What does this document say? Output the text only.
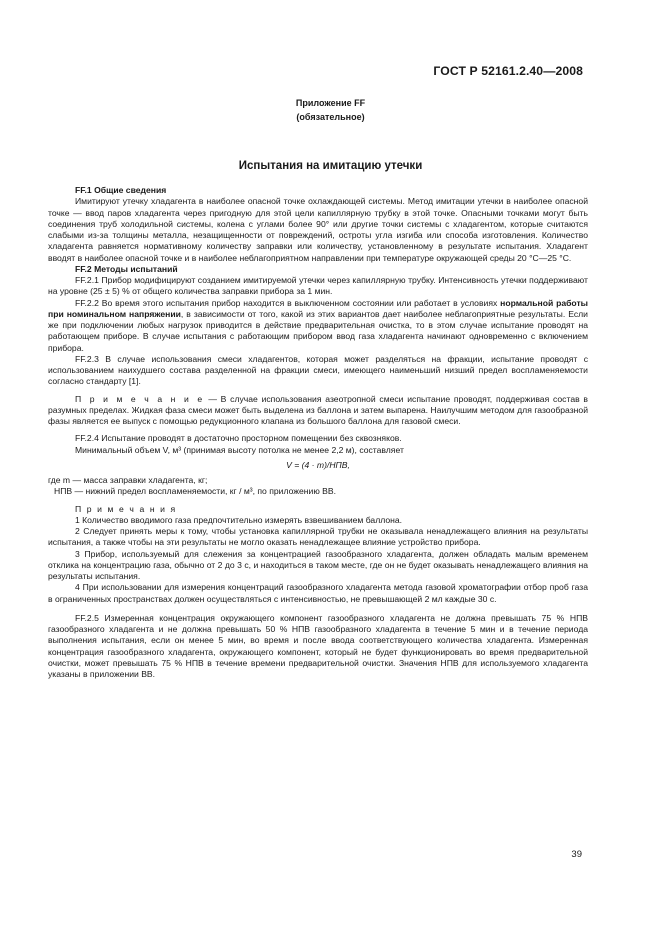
ГОСТ Р 52161.2.40—2008
Приложение FF
(обязательное)
Испытания на имитацию утечки

FF.1 Общие сведения

Имитируют утечку хладагента в наиболее опасной точке охлаждающей системы. Метод имитации утечки в наиболее опасной точке — ввод паров хладагента через пригодную для этой цели капиллярную трубку в этой точке. Опасными точками могут быть соединения труб холодильной системы, колена с углами более 90° или другие точки системы с хладагентом, которые считаются слабыми из-за толщины металла, незащищенности от повреждений, остроты угла изгиба или способа изготовления. Количество хладагента равняется нормативному количеству заправки или количеству, установленному в результате испытания. Хладагент вводят в наиболее опасной точке и в наиболее неблагоприятном направлении при температуре окружающей среды 20 °С—25 °С.

FF.2 Методы испытаний

FF.2.1 Прибор модифицируют созданием имитируемой утечки через капиллярную трубку. Интенсивность утечки поддерживают на уровне (25 ± 5) % от общего количества заправки прибора за 1 мин.

FF.2.2 Во время этого испытания прибор находится в выключенном состоянии или работает в условиях нормальной работы при номинальном напряжении, в зависимости от того, какой из этих вариантов дает наиболее неблагоприятные результаты. Если же при подключении любых нагрузок приводится в действие предварительная очистка, то в этом случае испытание проводят на работающем приборе. В случае испытания с работающим прибором ввод газа хладагента начинают одновременно с включением прибора.

FF.2.3 В случае использования смеси хладагентов, которая может разделяться на фракции, испытание проводят с использованием наихудшего состава разделенной на фракции смеси, имеющего наименьший низший предел воспламеняемости согласно стандарту [1].

П р и м е ч а н и е — В случае использования азеотропной смеси испытание проводят, поддерживая состав в разумных пределах. Жидкая фаза смеси может быть выделена из баллона и затем выпарена. Наилучшим методом для газообразной фазы является ее выпуск с помощью редукционного клапана из большого баллона для газовой смеси.

FF.2.4 Испытание проводят в достаточно просторном помещении без сквозняков.

Минимальный объем V, м³ (принимая высоту потолка не менее 2,2 м), составляет

V = (4 · m)/НПВ,

где m — масса заправки хладагента, кг;

НПВ — нижний предел воспламеняемости, кг / м³, по приложению ВВ.

П р и м е ч а н и я

1 Количество вводимого газа предпочтительно измерять взвешиванием баллона.

2 Следует принять меры к тому, чтобы установка капиллярной трубки не оказывала ненадлежащего влияния на результаты испытания, а также чтобы на эти результаты не могло оказать ненадлежащее влияние устройство прибора.

3 Прибор, используемый для слежения за концентрацией газообразного хладагента, должен обладать малым временем отклика на концентрацию газа, обычно от 2 до 3 с, и находиться в таком месте, где он не будет оказывать ненадлежащего влияния на результаты испытания.

4 При использовании для измерения концентраций газообразного хладагента метода газовой хроматографии отбор проб газа в ограниченных пространствах должен осуществляться с интенсивностью, не превышающей 2 мл каждые 30 с.

FF.2.5 Измеренная концентрация окружающего компонент газообразного хладагента не должна превышать 75 % НПВ газообразного хладагента и не должна превышать 50 % НПВ газообразного хладагента в течение 5 мин и в течение периода выполнения испытания, если он менее 5 мин, во время и после ввода соответствующего количества хладагента. Измеренная концентрация газообразного хладагента, окружающего компонент, который не будет функционировать во время предварительной очистки, может превышать 75 % НПВ в течение времени предварительной очистки. Значения НПВ для используемого хладагента указаны в приложении ВВ.

39
